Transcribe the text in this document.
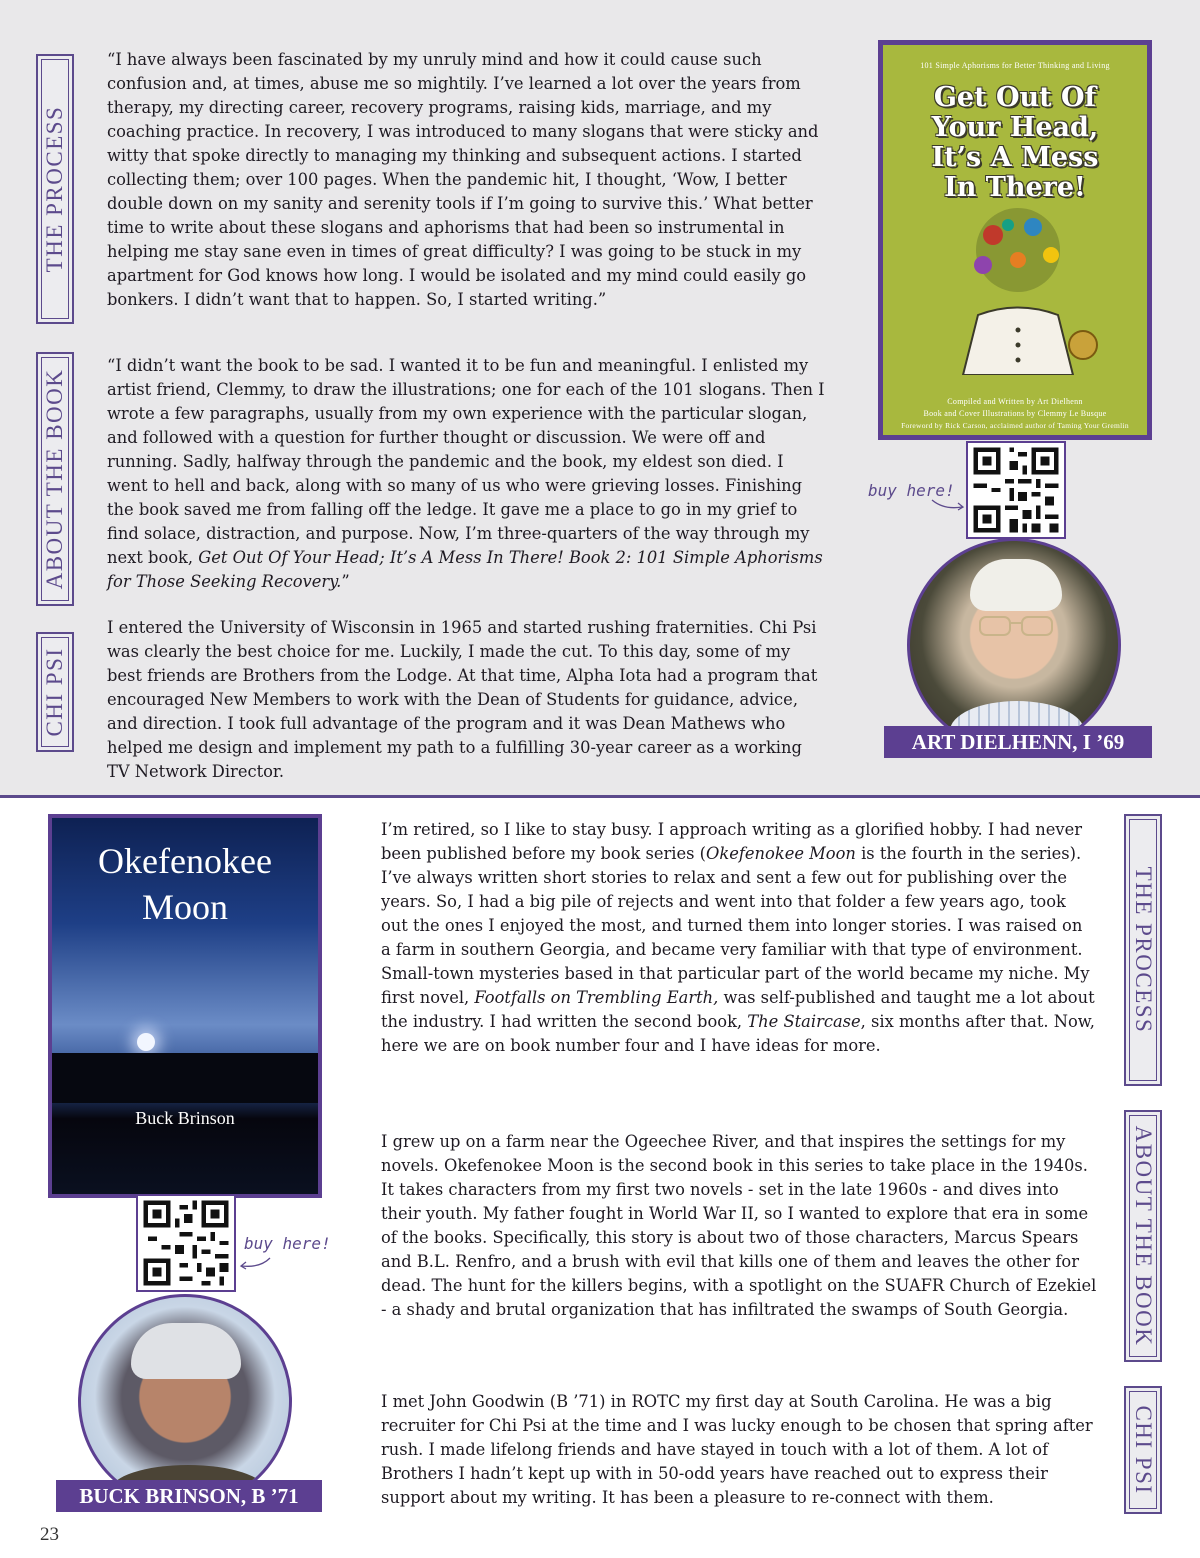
THE PROCESS
ABOUT THE BOOK
CHI PSI

“I have always been fascinated by my unruly mind and how it could cause such confusion and, at times, abuse me so mightily. I’ve learned a lot over the years from therapy, my directing career, recovery programs, raising kids, marriage, and my coaching practice. In recovery, I was introduced to many slogans that were sticky and witty that spoke directly to managing my thinking and subsequent actions. I started collecting them; over 100 pages. When the pandemic hit, I thought, ‘Wow, I better double down on my sanity and serenity tools if I’m going to survive this.’ What better time to write about these slogans and aphorisms that had been so instrumental in helping me stay sane even in times of great difficulty? I was going to be stuck in my apartment for God knows how long. I would be isolated and my mind could easily go bonkers. I didn’t want that to happen. So, I started writing.”

“I didn’t want the book to be sad. I wanted it to be fun and meaningful. I enlisted my artist friend, Clemmy, to draw the illustrations; one for each of the 101 slogans. Then I wrote a few paragraphs, usually from my own experience with the particular slogan, and followed with a question for further thought or discussion. We were off and running. Sadly, halfway through the pandemic and the book, my eldest son died. I went to hell and back, along with so many of us who were grieving losses. Finishing the book saved me from falling off the ledge. It gave me a place to go in my grief to find solace, distraction, and purpose. Now, I’m three-quarters of the way through my next book, Get Out Of Your Head; It’s A Mess In There! Book 2: 101 Simple Aphorisms for Those Seeking Recovery.”

I entered the University of Wisconsin in 1965 and started rushing fraternities. Chi Psi was clearly the best choice for me. Luckily, I made the cut. To this day, some of my best friends are Brothers from the Lodge. At that time, Alpha Iota had a program that encouraged New Members to work with the Dean of Students for guidance, advice, and direction. I took full advantage of the program and it was Dean Mathews who helped me design and implement my path to a fulfilling 30-year career as a working TV Network Director.

101 Simple Aphorisms for Better Thinking and Living
Get Out Of
Your Head,
It’s A Mess
In There!
Compiled and Written by Art Dielhenn
Book and Cover Illustrations by Clemmy Le Busque
Foreword by Rick Carson, acclaimed author of Taming Your Gremlin
buy here!
ART DIELHENN, I ’69
Okefenokee
Moon
Buck Brinson
buy here!
BUCK BRINSON, B ’71

I’m retired, so I like to stay busy. I approach writing as a glorified hobby. I had never been published before my book series (Okefenokee Moon is the fourth in the series). I’ve always written short stories to relax and sent a few out for publishing over the years. So, I had a big pile of rejects and went into that folder a few years ago, took out the ones I enjoyed the most, and turned them into longer stories. I was raised on a farm in southern Georgia, and became very familiar with that type of environment. Small-town mysteries based in that particular part of the world became my niche. My first novel, Footfalls on Trembling Earth, was self-published and taught me a lot about the industry. I had written the second book, The Staircase, six months after that. Now, here we are on book number four and I have ideas for more.

I grew up on a farm near the Ogeechee River, and that inspires the settings for my novels. Okefenokee Moon is the second book in this series to take place in the 1940s. It takes characters from my first two novels - set in the late 1960s - and dives into their youth. My father fought in World War II, so I wanted to explore that era in some of the books. Specifically, this story is about two of those characters, Marcus Spears and B.L. Renfro, and a brush with evil that kills one of them and leaves the other for dead. The hunt for the killers begins, with a spotlight on the SUAFR Church of Ezekiel - a shady and brutal organization that has infiltrated the swamps of South Georgia.

I met John Goodwin (B ’71) in ROTC my first day at South Carolina. He was a big recruiter for Chi Psi at the time and I was lucky enough to be chosen that spring after rush. I made lifelong friends and have stayed in touch with a lot of them. A lot of Brothers I hadn’t kept up with in 50-odd years have reached out to express their support about my writing. It has been a pleasure to re-connect with them.

THE PROCESS
ABOUT THE BOOK
CHI PSI
23
